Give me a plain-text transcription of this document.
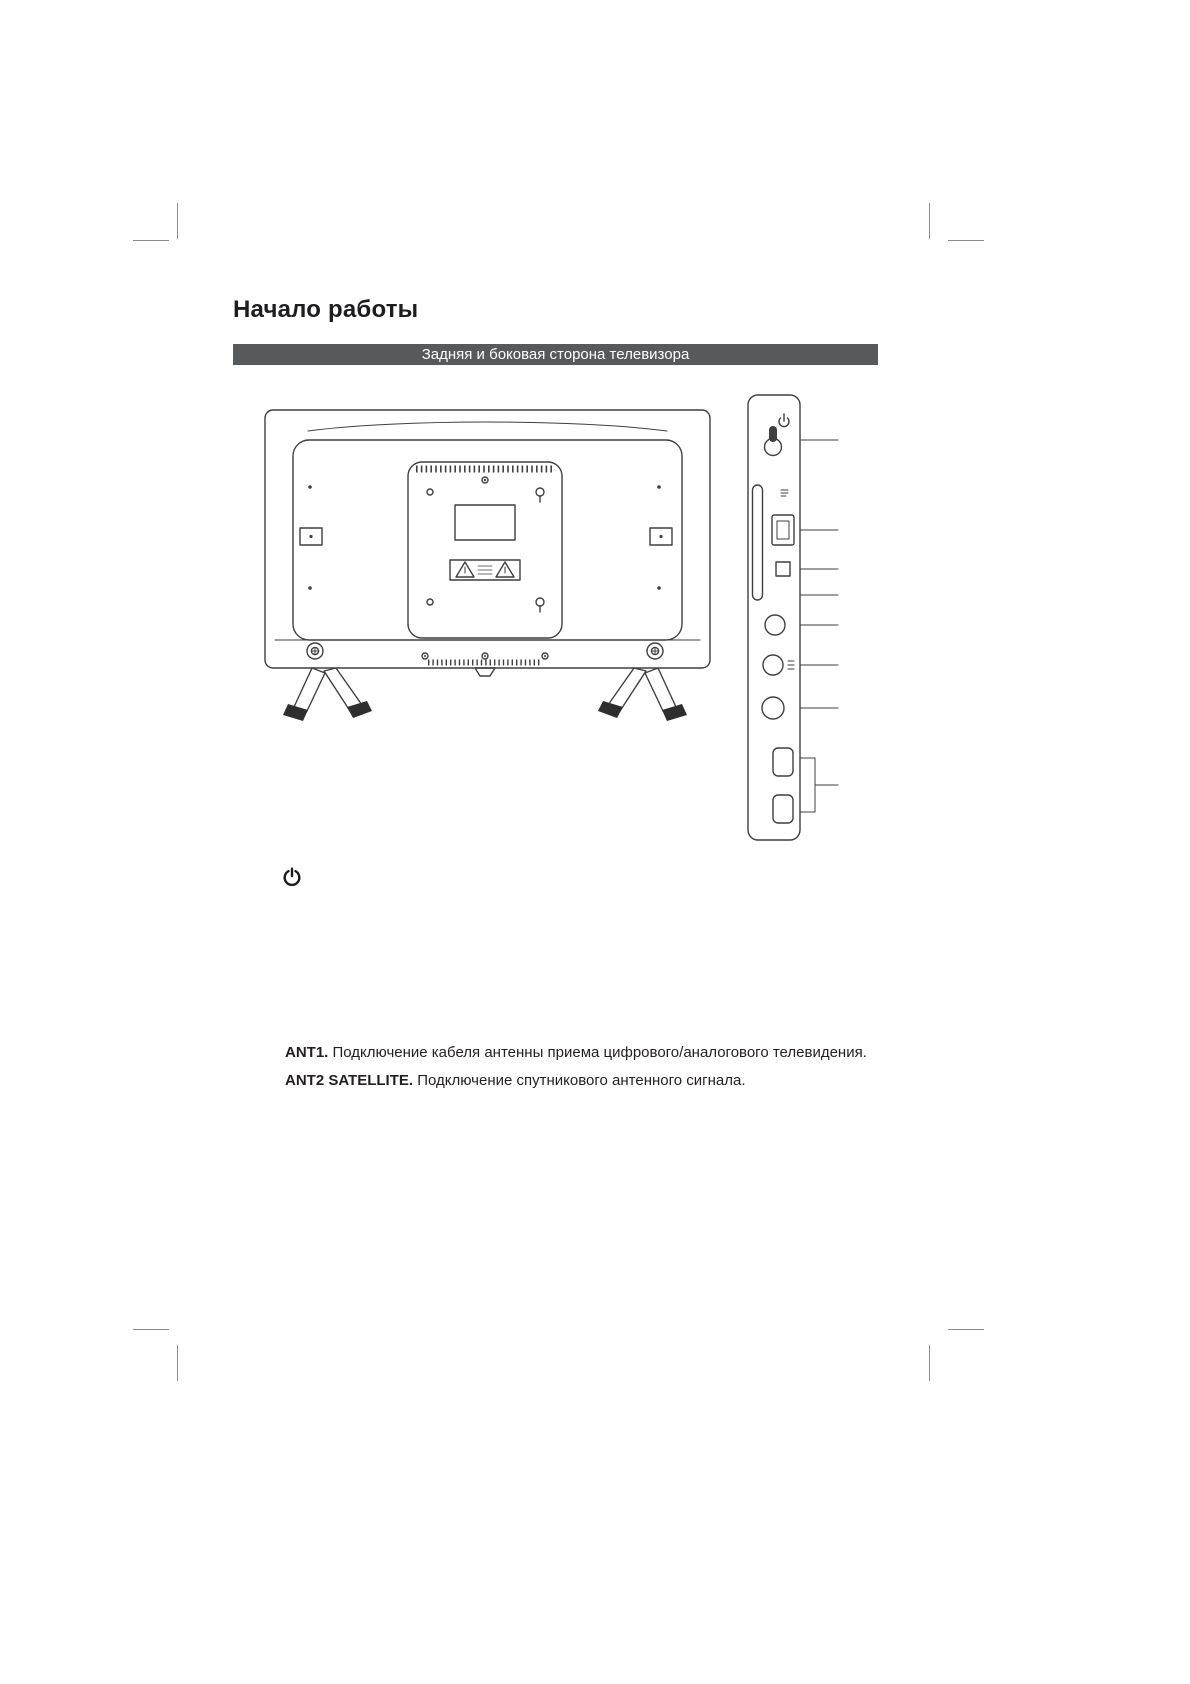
Начало работы
Задняя и боковая сторона телевизора

ANT1. Подключение кабеля антенны приема цифрового/аналогового телевидения.

ANT2 SATELLITE. Подключение спутникового антенного сигнала.
